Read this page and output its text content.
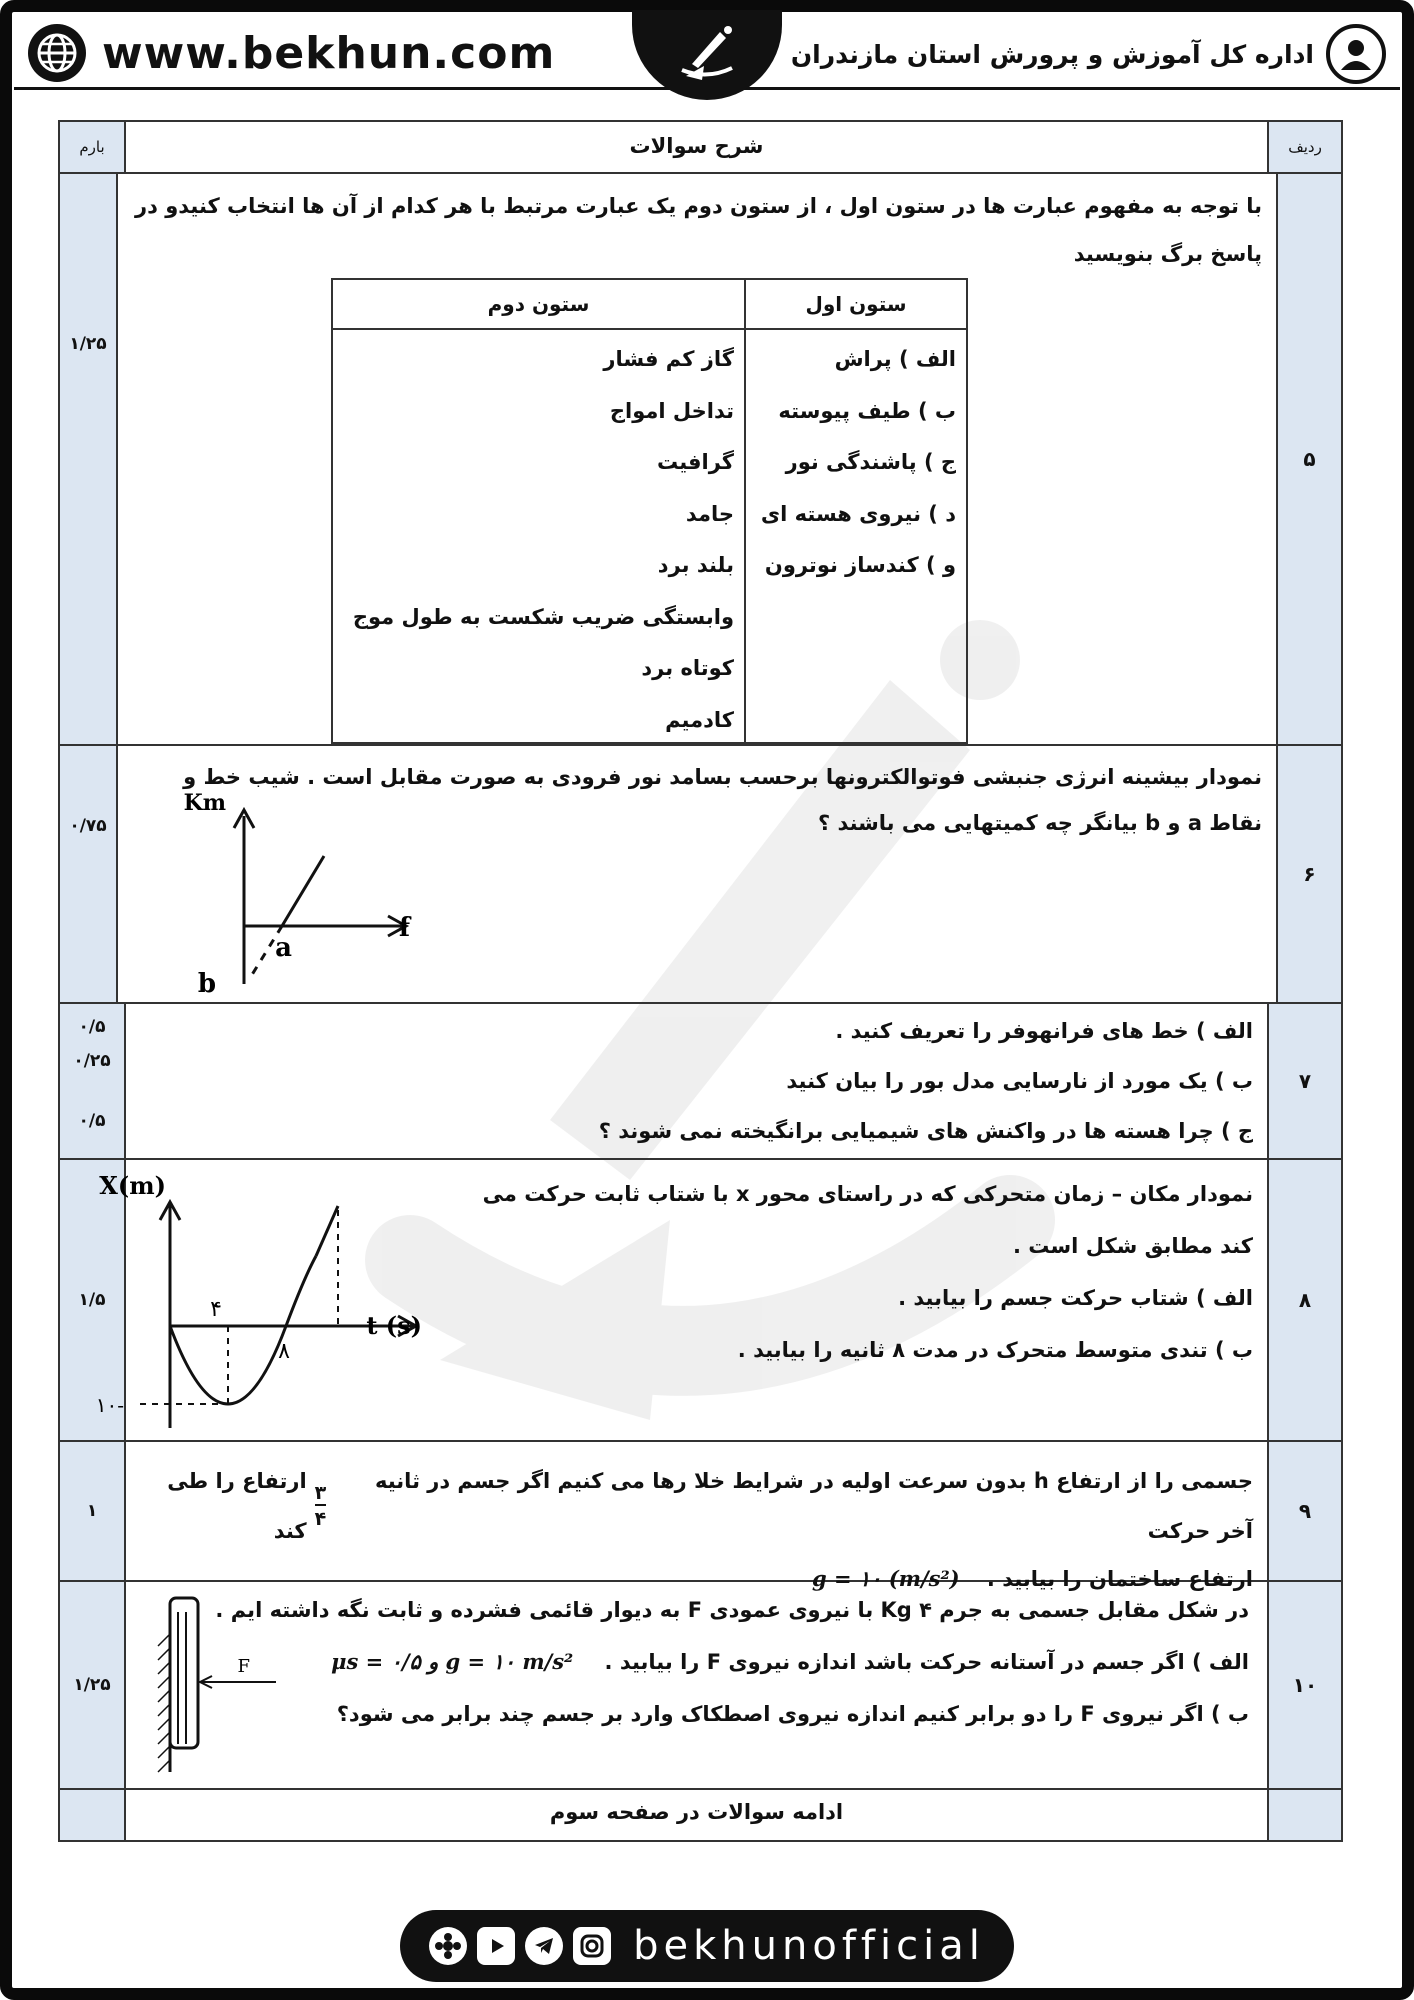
www.bekhun.com	اداره کل آموزش و پرورش استان مازندران
ردیف
شرح سوالات
بارم
۵
با توجه به مفهوم عبارت ها در ستون اول ، از ستون دوم یک عبارت مرتبط با هر کدام از آن ها انتخاب کنیدو در پاسخ برگ بنویسید
ستون اول
ستون دوم
الف ) پراش
ب ) طیف پیوسته
ج ) پاشندگی نور
د ) نیروی هسته ای
و ) کندساز نوترون
گاز کم فشار
تداخل امواج
گرافیت
جامد
بلند برد
وابستگی ضریب شکست به طول موج
کوتاه برد
کادمیم
۱/۲۵
۶
نمودار بیشینه انرژی جنبشی فوتوالکترونها برحسب بسامد نور فرودی به صورت مقابل است . شیب خط و نقاط a و b بیانگر چه کمیتهایی می باشند ؟
Km
f
a
b
۰/۷۵
۷
الف ) خط های فرانهوفر را تعریف کنید .
ب ) یک مورد از نارسایی مدل بور را بیان کنید
ج ) چرا هسته ها در واکنش های شیمیایی برانگیخته نمی شوند ؟
۰/۵
۰/۲۵
۰/۵
۸
نمودار مکان – زمان متحرکی که در راستای محور x با شتاب ثابت حرکت می
کند مطابق شکل است .
الف ) شتاب حرکت جسم را بیابید .
ب ) تندی متوسط متحرک در مدت ۸ ثانیه را بیابید .
X(m)
t (s)
۴
۸
-۱۰
۱/۵
۹
جسمی را از ارتفاع h بدون سرعت اولیه در شرایط خلا رها می کنیم اگر جسم در ثانیه آخر حرکت
۳
۴
ارتفاع را طی کند
ارتفاع ساختمان را بیابید . g = ۱۰ (m/s²)
۱
۱۰
در شکل مقابل جسمی به جرم ۴ Kg با نیروی عمودی F به دیوار قائمی فشرده و ثابت نگه داشته ایم .
الف ) اگر جسم در آستانه حرکت باشد اندازه نیروی F را بیابید . μs = ۰/۵ و g = ۱۰ m/s²
ب ) اگر نیروی F را دو برابر کنیم اندازه نیروی اصطکاک وارد بر جسم چند برابر می شود؟
F
۱/۲۵
ادامه سوالات در صفحه سوم
bekhunofficial
